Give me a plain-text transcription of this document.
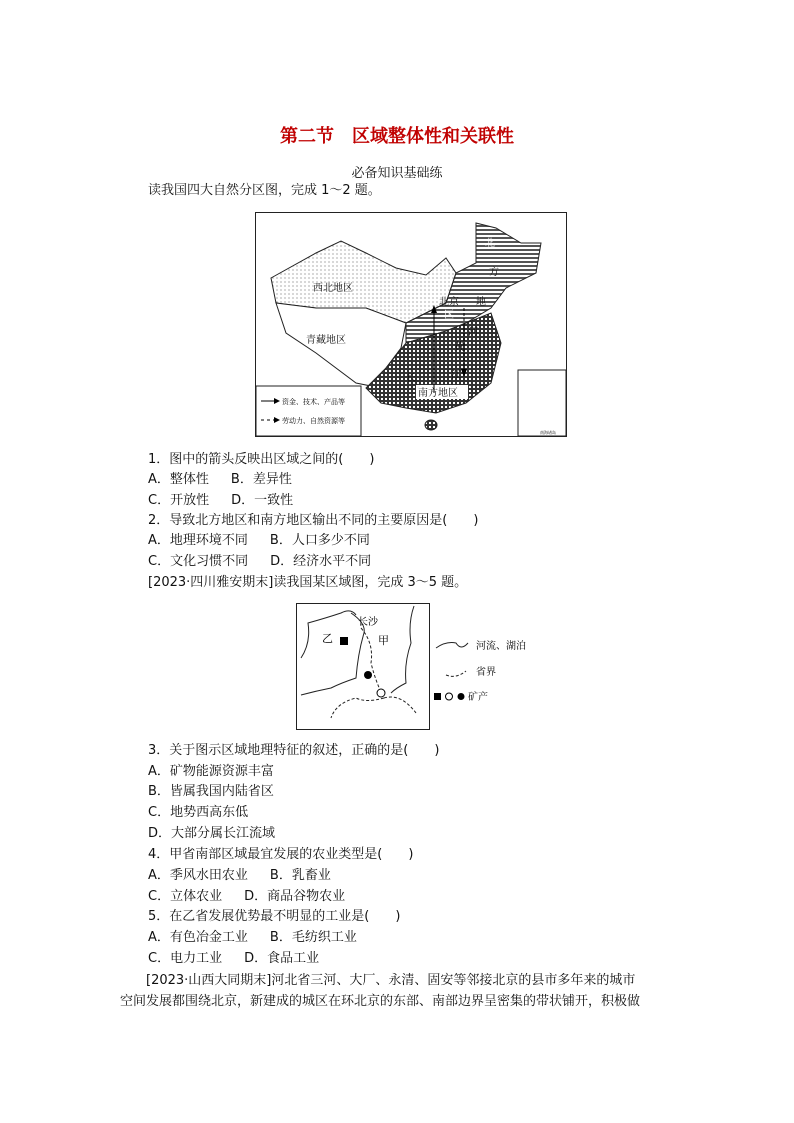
第二节　区域整体性和关联性
必备知识基础练
读我国四大自然分区图，完成 1～2 题。
西北地区
青藏地区
北京
北
方
地
区
黄
河
长	江
南方地区
资金、技术、产品等
劳动力、自然资源等
南海诸岛
1．图中的箭头反映出区域之间的(　　)
A．整体性 B．差异性
C．开放性 D．一致性
2．导致北方地区和南方地区输出不同的主要原因是(　　)
A．地理环境不同 B．人口多少不同
C．文化习惯不同 D．经济水平不同
[2023·四川雅安期末]读我国某区域图，完成 3～5 题。
长沙
乙	甲	河流、湖泊
省界
矿产
3．关于图示区域地理特征的叙述，正确的是(　　)
A．矿物能源资源丰富
B．皆属我国内陆省区
C．地势西高东低
D．大部分属长江流域
4．甲省南部区域最宜发展的农业类型是(　　)
A．季风水田农业 B．乳畜业
C．立体农业 D．商品谷物农业
5．在乙省发展优势最不明显的工业是(　　)
A．有色冶金工业 B．毛纺织工业
C．电力工业 D．食品工业
[2023·山西大同期末]河北省三河、大厂、永清、固安等邻接北京的县市多年来的城市
空间发展都围绕北京，新建成的城区在环北京的东部、南部边界呈密集的带状铺开，积极做
